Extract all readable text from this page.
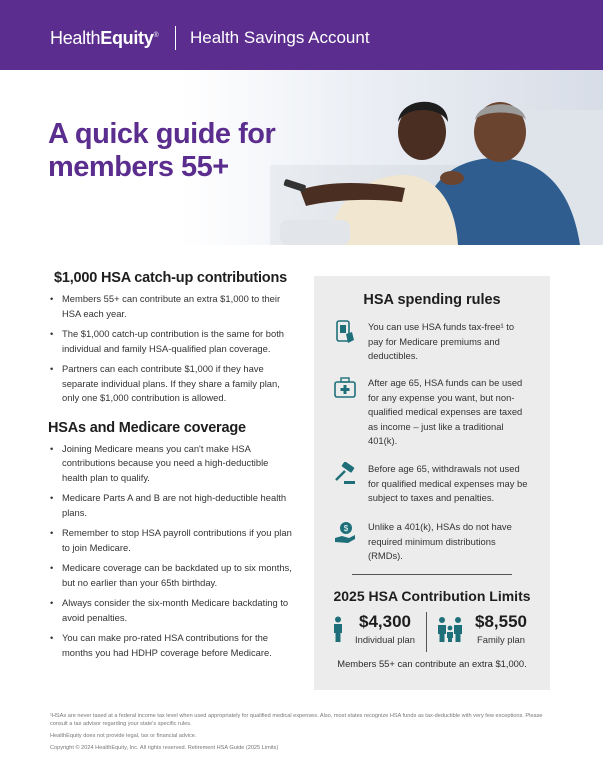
HealthEquity® Health Savings Account
A quick guide for
members 55+
$1,000 HSA catch-up contributions
• Members 55+ can contribute an extra $1,000 to their HSA each year.
• The $1,000 catch-up contribution is the same for both individual and family HSA-qualified plan coverage.
• Partners can each contribute $1,000 if they have separate individual plans. If they share a family plan, only one $1,000 contribution is allowed.
HSAs and Medicare coverage
• Joining Medicare means you can't make HSA contributions because you need a high-deductible health plan to qualify.
• Medicare Parts A and B are not high-deductible health plans.
• Remember to stop HSA payroll contributions if you plan to join Medicare.
• Medicare coverage can be backdated up to six months, but no earlier than your 65th birthday.
• Always consider the six-month Medicare backdating to avoid penalties.
• You can make pro-rated HSA contributions for the months you had HDHP coverage before Medicare.
HSA spending rules
You can use HSA funds tax-free¹ to pay for Medicare premiums and deductibles.
After age 65, HSA funds can be used for any expense you want, but non-qualified medical expenses are taxed as income – just like a traditional 401(k).
Before age 65, withdrawals not used for qualified medical expenses may be subject to taxes and penalties.
$ Unlike a 401(k), HSAs do not have required minimum distributions (RMDs).
2025 HSA Contribution Limits
$4,300
Individual plan
$8,550
Family plan
Members 55+ can contribute an extra $1,000.

¹HSAs are never taxed at a federal income tax level when used appropriately for qualified medical expenses. Also, most states recognize HSA funds as tax-deductible with very few exceptions. Please consult a tax advisor regarding your state's specific rules.

HealthEquity does not provide legal, tax or financial advice.

Copyright © 2024 HealthEquity, Inc. All rights reserved. Retirement HSA Guide (2025 Limits)
